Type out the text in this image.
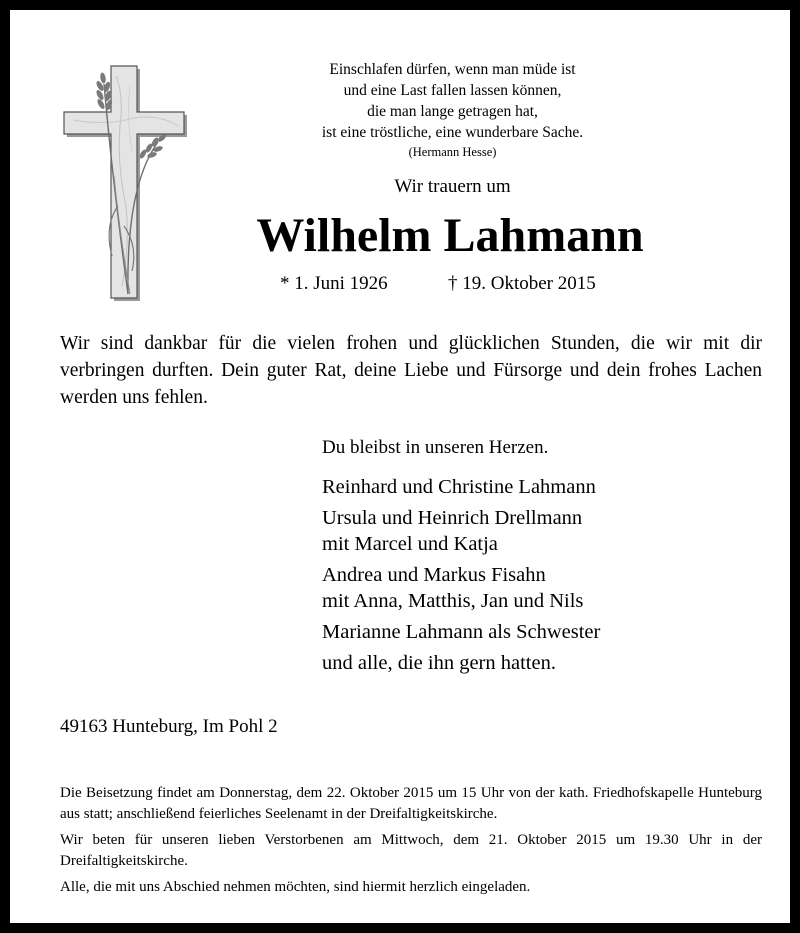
Einschlafen dürfen, wenn man müde ist
und eine Last fallen lassen können,
die man lange getragen hat,
ist eine tröstliche, eine wunderbare Sache.
(Hermann Hesse)
Wir trauern um
Wilhelm Lahmann
* 1. Juni 1926	† 19. Oktober 2015
Wir sind dankbar für die vielen frohen und glücklichen Stunden, die wir mit dir verbringen durften. Dein guter Rat, deine Liebe und Fürsorge und dein frohes Lachen werden uns fehlen.
Du bleibst in unseren Herzen.
Reinhard und Christine Lahmann
Ursula und Heinrich Drellmann
mit Marcel und Katja
Andrea und Markus Fisahn
mit Anna, Matthis, Jan und Nils
Marianne Lahmann als Schwester
und alle, die ihn gern hatten.
49163 Hunteburg, Im Pohl 2

Die Beisetzung findet am Donnerstag, dem 22. Oktober 2015 um 15 Uhr von der kath. Friedhofskapelle Hunteburg aus statt; anschließend feierliches Seelenamt in der Dreifaltigkeitskirche.

Wir beten für unseren lieben Verstorbenen am Mittwoch, dem 21. Oktober 2015 um 19.30 Uhr in der Dreifaltigkeitskirche.

Alle, die mit uns Abschied nehmen möchten, sind hiermit herzlich eingeladen.
